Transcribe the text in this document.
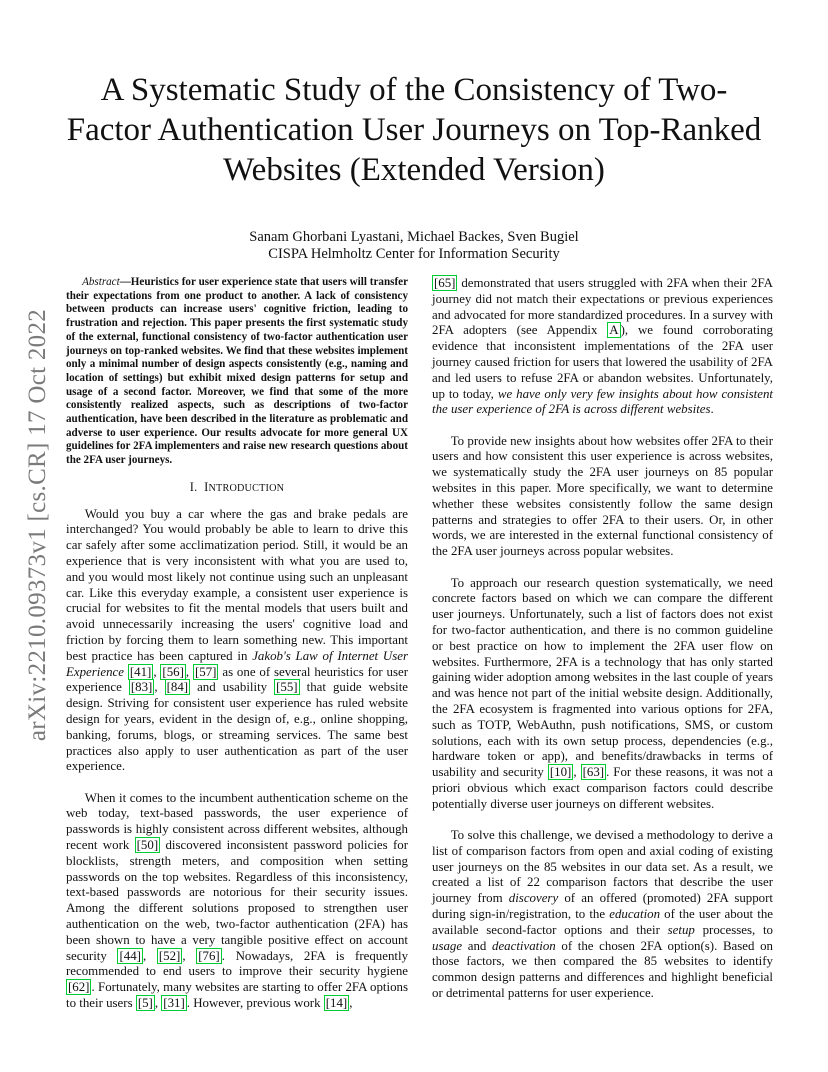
arXiv:2210.09373v1 [cs.CR] 17 Oct 2022
A Systematic Study of the Consistency of Two-Factor Authentication User Journeys on Top-Ranked Websites (Extended Version)
Sanam Ghorbani Lyastani, Michael Backes, Sven Bugiel
CISPA Helmholtz Center for Information Security

Abstract—Heuristics for user experience state that users will transfer their expectations from one product to another. A lack of consistency between products can increase users' cognitive friction, leading to frustration and rejection. This paper presents the first systematic study of the external, functional consistency of two-factor authentication user journeys on top-ranked websites. We find that these websites implement only a minimal number of design aspects consistently (e.g., naming and location of settings) but exhibit mixed design patterns for setup and usage of a second factor. Moreover, we find that some of the more consistently realized aspects, such as descriptions of two-factor authentication, have been described in the literature as problematic and adverse to user experience. Our results advocate for more general UX guidelines for 2FA implementers and raise new research questions about the 2FA user journeys.

I. INTRODUCTION

Would you buy a car where the gas and brake pedals are interchanged? You would probably be able to learn to drive this car safely after some acclimatization period. Still, it would be an experience that is very inconsistent with what you are used to, and you would most likely not continue using such an unpleasant car. Like this everyday example, a consistent user experience is crucial for websites to fit the mental models that users built and avoid unnecessarily increasing the users' cognitive load and friction by forcing them to learn something new. This important best practice has been captured in Jakob's Law of Internet User Experience [41] , [56] , [57] as one of several heuristics for user experience [83] , [84] and usability [55] that guide website design. Striving for consistent user experience has ruled website design for years, evident in the design of, e.g., online shopping, banking, forums, blogs, or streaming services. The same best practices also apply to user authentication as part of the user experience.

When it comes to the incumbent authentication scheme on the web today, text-based passwords, the user experience of passwords is highly consistent across different websites, although recent work [50] discovered inconsistent password policies for blocklists, strength meters, and composition when setting passwords on the top websites. Regardless of this inconsistency, text-based passwords are notorious for their security issues. Among the different solutions proposed to strengthen user authentication on the web, two-factor authentication (2FA) has been shown to have a very tangible positive effect on account security [44] , [52] , [76] . Nowadays, 2FA is frequently recommended to end users to improve their security hygiene [62] . Fortunately, many websites are starting to offer 2FA options to their users [5] , [31] . However, previous work [14] ,

[65] demonstrated that users struggled with 2FA when their 2FA journey did not match their expectations or previous experiences and advocated for more standardized procedures. In a survey with 2FA adopters (see Appendix A ), we found corroborating evidence that inconsistent implementations of the 2FA user journey caused friction for users that lowered the usability of 2FA and led users to refuse 2FA or abandon websites. Unfortunately, up to today, we have only very few insights about how consistent the user experience of 2FA is across different websites.

To provide new insights about how websites offer 2FA to their users and how consistent this user experience is across websites, we systematically study the 2FA user journeys on 85 popular websites in this paper. More specifically, we want to determine whether these websites consistently follow the same design patterns and strategies to offer 2FA to their users. Or, in other words, we are interested in the external functional consistency of the 2FA user journeys across popular websites.

To approach our research question systematically, we need concrete factors based on which we can compare the different user journeys. Unfortunately, such a list of factors does not exist for two-factor authentication, and there is no common guideline or best practice on how to implement the 2FA user flow on websites. Furthermore, 2FA is a technology that has only started gaining wider adoption among websites in the last couple of years and was hence not part of the initial website design. Additionally, the 2FA ecosystem is fragmented into various options for 2FA, such as TOTP, WebAuthn, push notifications, SMS, or custom solutions, each with its own setup process, dependencies (e.g., hardware token or app), and benefits/drawbacks in terms of usability and security [10] , [63] . For these reasons, it was not a priori obvious which exact comparison factors could describe potentially diverse user journeys on different websites.

To solve this challenge, we devised a methodology to derive a list of comparison factors from open and axial coding of existing user journeys on the 85 websites in our data set. As a result, we created a list of 22 comparison factors that describe the user journey from discovery of an offered (promoted) 2FA support during sign-in/registration, to the education of the user about the available second-factor options and their setup processes, to usage and deactivation of the chosen 2FA option(s). Based on those factors, we then compared the 85 websites to identify common design patterns and differences and highlight beneficial or detrimental patterns for user experience.
